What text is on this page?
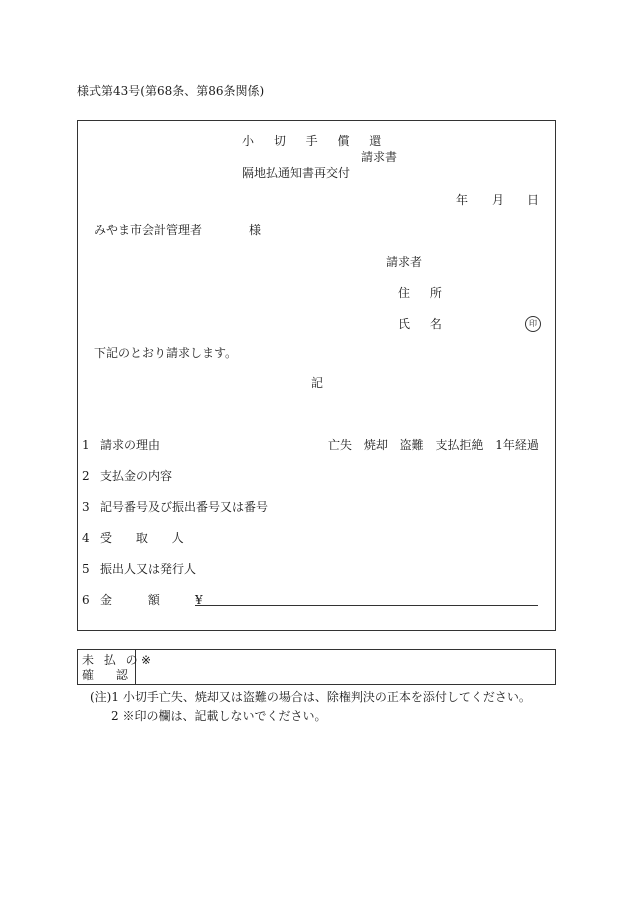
様式第43号(第68条、第86条関係)
小 切 手 償 還
請求書
隔地払通知書再交付
年 月 日
みやま市会計管理者	様
請求者
住 所
氏 名	印
下記のとおり請求します。
記
1 請求の理由	亡失 焼却 盗難 支払拒絶 1年経過
2 支払金の内容
3 記号番号及び振出番号又は番号
4 受 取 人
5 振出人又は発行人
6 金 額	¥
未 払 の
確 認
※
(注)1 小切手亡失、焼却又は盗難の場合は、除権判決の正本を添付してください。
2 ※印の欄は、記載しないでください。
